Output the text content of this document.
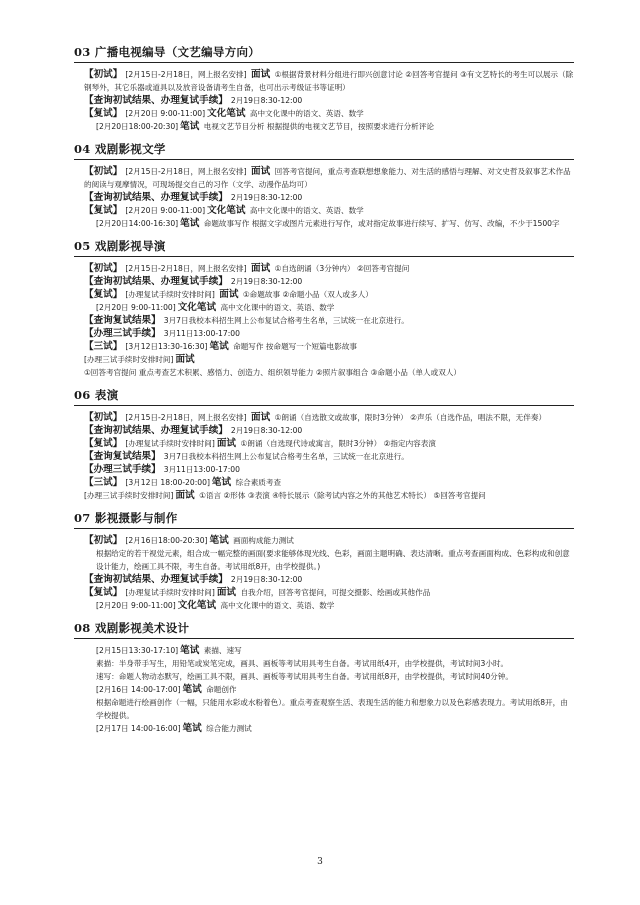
03 广播电视编导（文艺编导方向）
【初试】 [2月15日-2月18日，网上报名安排] 面试 ①根据背景材料分组进行即兴创意讨论 ②回答考官提问 ③有文艺特长的考生可以展示（除钢琴外，其它乐器或道具以及放音设备请考生自备，也可出示考级证书等证明）
【查询初试结果、办理复试手续】 2月19日8:30-12:00
【复试】 [2月20日 9:00-11:00] 文化笔试 高中文化课中的语文、英语、数学
[2月20日18:00-20:30] 笔试 电视文艺节目分析 根据提供的电视文艺节目，按照要求进行分析评论
04 戏剧影视文学
【初试】 [2月15日-2月18日，网上报名安排] 面试 回答考官提问，重点考查联想想象能力、对生活的感悟与理解、对文史哲及叙事艺术作品的阅读与观摩情况，可现场提交自己的习作（文学、动漫作品均可）
【查询初试结果、办理复试手续】 2月19日8:30-12:00
【复试】 [2月20日 9:00-11:00] 文化笔试 高中文化课中的语文、英语、数学
[2月20日14:00-16:30] 笔试 命题故事写作 根据文字或图片元素进行写作，或对指定故事进行续写、扩写、仿写、改编，不少于1500字
05 戏剧影视导演
【初试】 [2月15日-2月18日，网上报名安排] 面试 ①自选朗诵（3分钟内） ②回答考官提问
【查询初试结果、办理复试手续】 2月19日8:30-12:00
【复试】 [办理复试手续时安排时间] 面试 ①命题故事 ②命题小品（双人或多人）
[2月20日 9:00-11:00] 文化笔试 高中文化课中的语文、英语、数学
【查询复试结果】 3月7日我校本科招生网上公布复试合格考生名单，三试统一在北京进行。
【办理三试手续】 3月11日13:00-17:00
【三试】 [3月12日13:30-16:30] 笔试 命题写作 按命题写一个短篇电影故事
[办理三试手续时安排时间] 面试 ①回答考官提问 重点考查艺术积累、感悟力、创造力、组织领导能力 ②照片叙事组合 ③命题小品（单人或双人）
06 表演
【初试】 [2月15日-2月18日，网上报名安排] 面试 ①朗诵（自选散文或故事，限时3分钟） ②声乐（自选作品，唱法不限，无伴奏）
【查询初试结果、办理复试手续】 2月19日8:30-12:00
【复试】 [办理复试手续时安排时间] 面试 ①朗诵（自选现代诗或寓言，限时3分钟） ②指定内容表演
【查询复试结果】 3月7日我校本科招生网上公布复试合格考生名单，三试统一在北京进行。
【办理三试手续】 3月11日13:00-17:00
【三试】 [3月12日 18:00-20:00] 笔试 综合素质考查
[办理三试手续时安排时间] 面试 ①语言 ②形体 ③表演 ④特长展示（除考试内容之外的其他艺术特长） ⑤回答考官提问
07 影视摄影与制作
【初试】 [2月16日18:00-20:30] 笔试 画面构成能力测试
根据给定的若干视觉元素，组合成一幅完整的画面(要求能够体现光线、色彩，画面主题明确、表达清晰。重点考查画面构成、色彩构成和创意设计能力，绘画工具不限，考生自备。考试用纸8开，由学校提供。)
【查询初试结果、办理复试手续】 2月19日8:30-12:00
【复试】 [办理复试手续时安排时间] 面试 自我介绍，回答考官提问，可提交摄影、绘画或其他作品
[2月20日 9:00-11:00] 文化笔试 高中文化课中的语文、英语、数学
08 戏剧影视美术设计
[2月15日13:30-17:10] 笔试 素描、速写
素描：半身带手写生，用铅笔或炭笔完成，画具、画板等考试用具考生自备。考试用纸4开，由学校提供，考试时间3小时。
速写：命题人物动态默写，绘画工具不限，画具、画板等考试用具考生自备。考试用纸8开，由学校提供，考试时间40分钟。
[2月16日 14:00-17:00] 笔试 命题创作
根据命题进行绘画创作（一幅，只能用水彩或水粉着色）。重点考查观察生活、表现生活的能力和想象力以及色彩感表现力。考试用纸8开，由学校提供。
[2月17日 14:00-16:00] 笔试 综合能力测试
3
